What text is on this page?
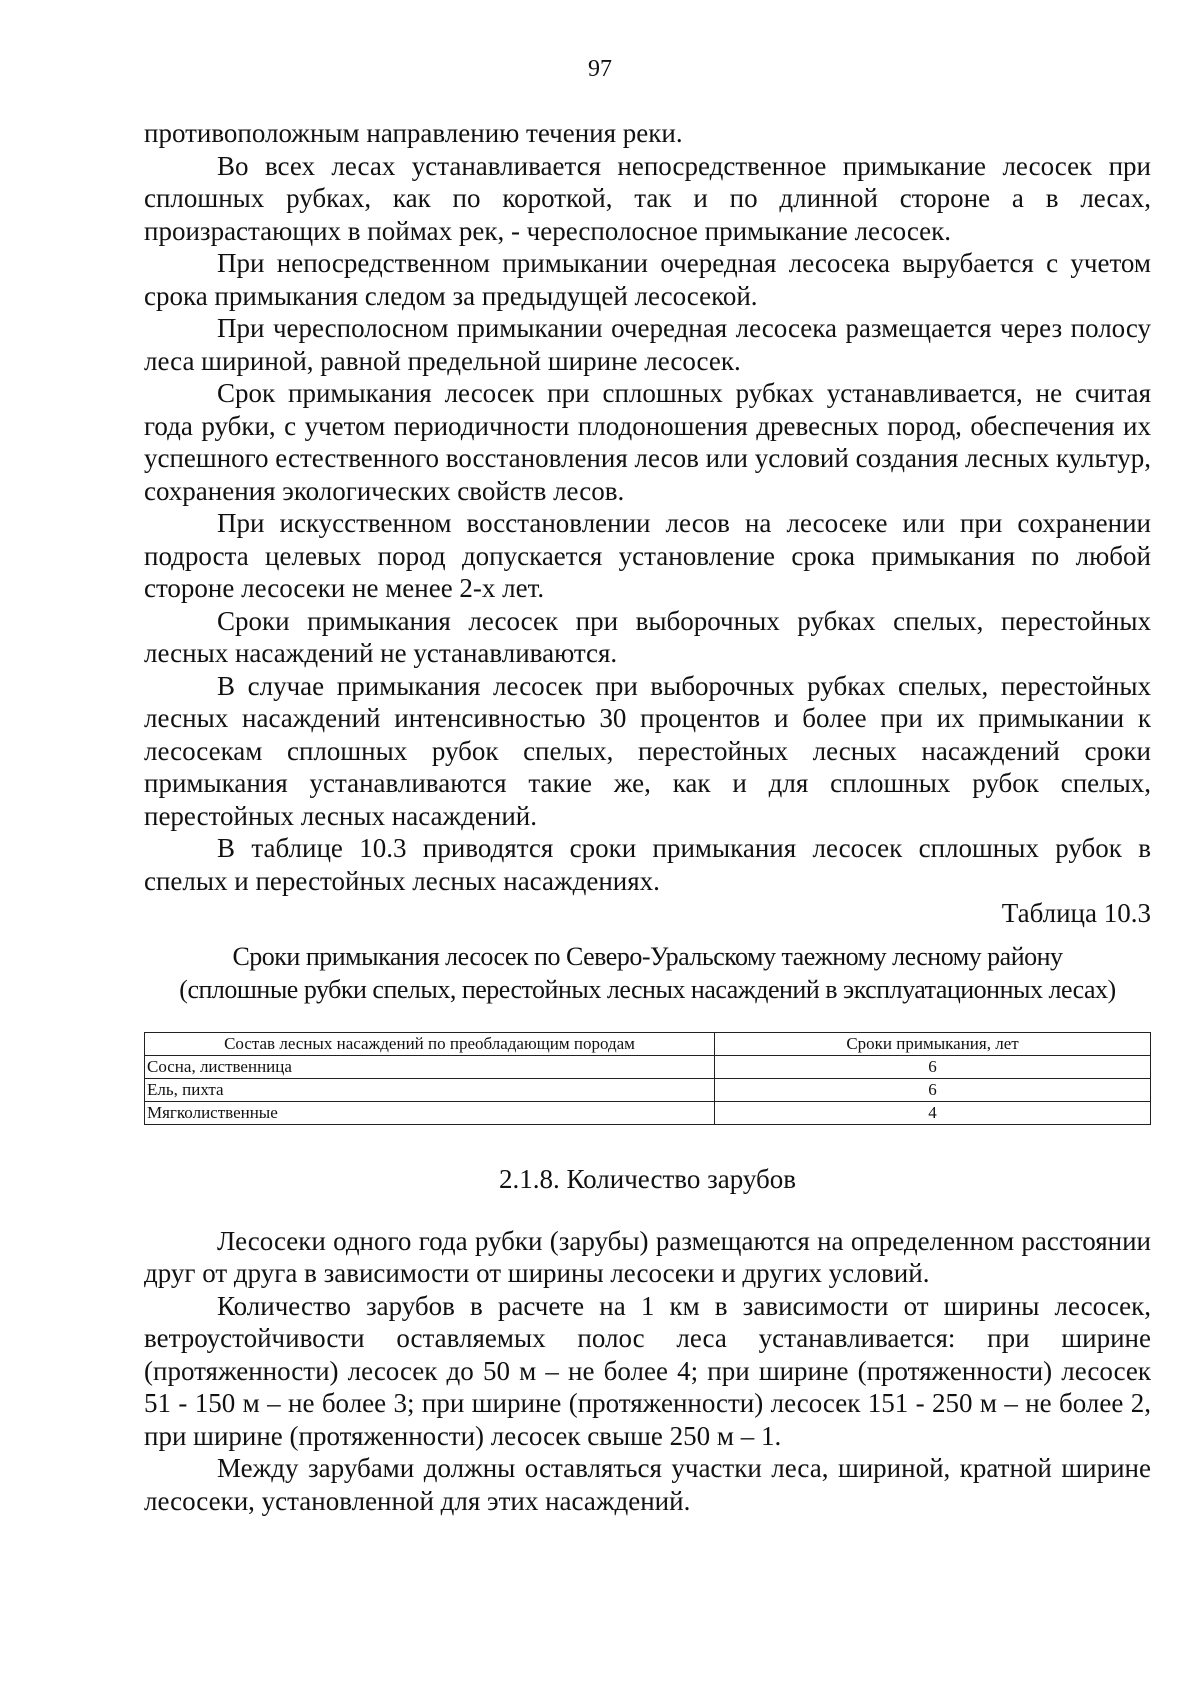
97

противоположным направлению течения реки.

Во всех лесах устанавливается непосредственное примыкание лесосек при сплошных рубках, как по короткой, так и по длинной стороне а в лесах, произрастающих в поймах рек, - чересполосное примыкание лесосек.

При непосредственном примыкании очередная лесосека вырубается с учетом срока примыкания следом за предыдущей лесосекой.

При чересполосном примыкании очередная лесосека размещается через полосу леса шириной, равной предельной ширине лесосек.

Срок примыкания лесосек при сплошных рубках устанавливается, не считая года рубки, с учетом периодичности плодоношения древесных пород, обеспечения их успешного естественного восстановления лесов или условий создания лесных культур, сохранения экологических свойств лесов.

При искусственном восстановлении лесов на лесосеке или при сохранении подроста целевых пород допускается установление срока примыкания по любой стороне лесосеки не менее 2-х лет.

Сроки примыкания лесосек при выборочных рубках спелых, перестойных лесных насаждений не устанавливаются.

В случае примыкания лесосек при выборочных рубках спелых, перестойных лесных насаждений интенсивностью 30 процентов и более при их примыкании к лесосекам сплошных рубок спелых, перестойных лесных насаждений сроки примыкания устанавливаются такие же, как и для сплошных рубок спелых, перестойных лесных насаждений.

В таблице 10.3 приводятся сроки примыкания лесосек сплошных рубок в спелых и перестойных лесных насаждениях.

Таблица 10.3

Сроки примыкания лесосек по Северо-Уральскому таежному лесному району

(сплошные рубки спелых, перестойных лесных насаждений в эксплуатационных лесах)

Состав лесных насаждений по преобладающим породам	Сроки примыкания, лет
Сосна, лиственница	6
Ель, пихта	6
Мягколиственные	4

2.1.8. Количество зарубов

Лесосеки одного года рубки (зарубы) размещаются на определенном расстоянии друг от друга в зависимости от ширины лесосеки и других условий.

Количество зарубов в расчете на 1 км в зависимости от ширины лесосек, ветроустойчивости оставляемых полос леса устанавливается: при ширине (протяженности) лесосек до 50 м – не более 4; при ширине (протяженности) лесосек 51 - 150 м – не более 3; при ширине (протяженности) лесосек 151 - 250 м – не более 2, при ширине (протяженности) лесосек свыше 250 м – 1.

Между зарубами должны оставляться участки леса, шириной, кратной ширине лесосеки, установленной для этих насаждений.
